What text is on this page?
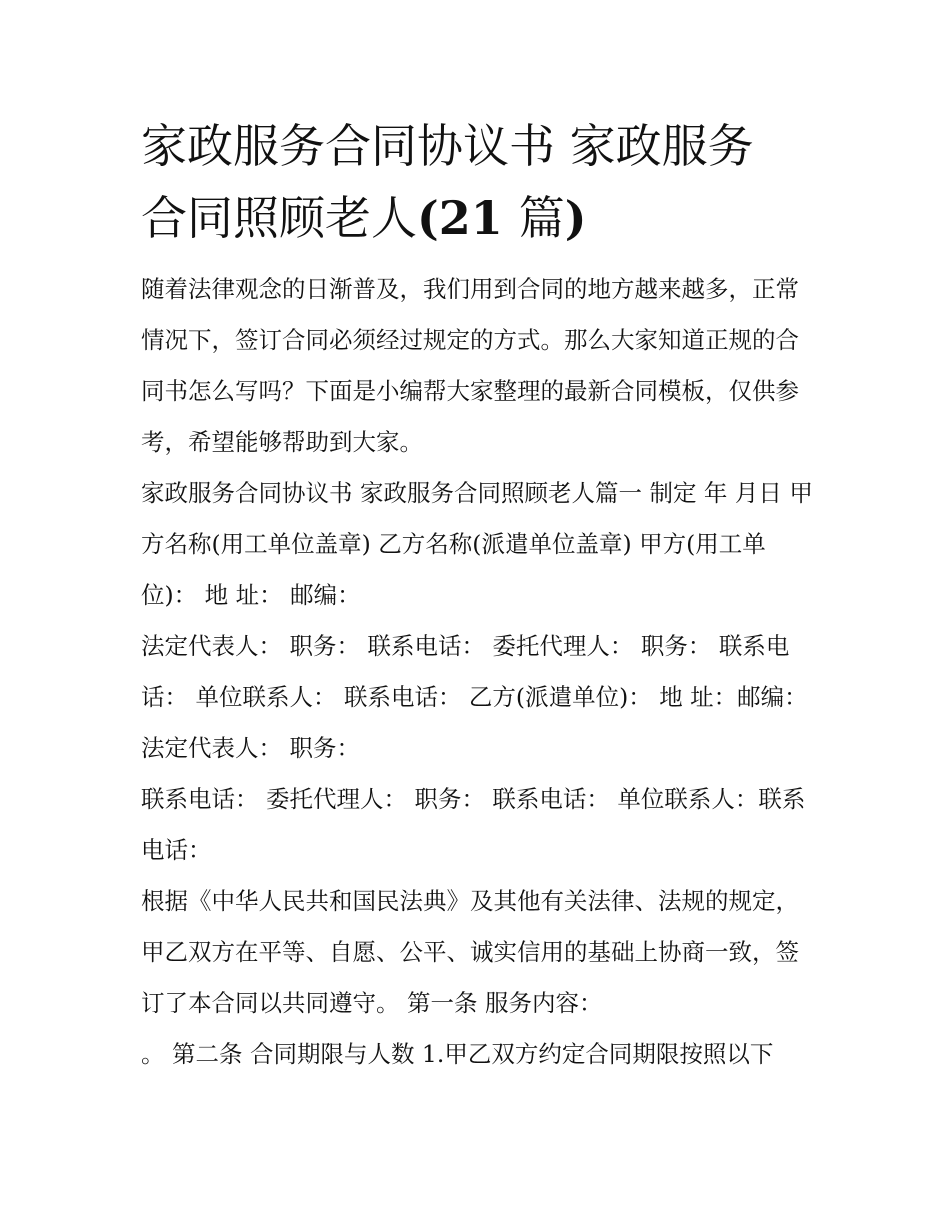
家政服务合同协议书 家政服务
合同照顾老人(21 篇)

随着法律观念的日渐普及，我们用到合同的地方越来越多，正常情况下，签订合同必须经过规定的方式。那么大家知道正规的合同书怎么写吗？下面是小编帮大家整理的最新合同模板，仅供参考，希望能够帮助到大家。

家政服务合同协议书 家政服务合同照顾老人篇一 制定 年 月日 甲方名称(用工单位盖章) 乙方名称(派遣单位盖章) 甲方(用工单位)： 地 址： 邮编：

法定代表人： 职务： 联系电话： 委托代理人： 职务： 联系电话： 单位联系人： 联系电话： 乙方(派遣单位)： 地 址：邮编： 法定代表人： 职务：

联系电话： 委托代理人： 职务： 联系电话： 单位联系人：联系电话：

根据《中华人民共和国民法典》及其他有关法律、法规的规定，甲乙双方在平等、自愿、公平、诚实信用的基础上协商一致，签订了本合同以共同遵守。 第一条 服务内容：

。 第二条 合同期限与人数 1.甲乙双方约定合同期限按照以下
